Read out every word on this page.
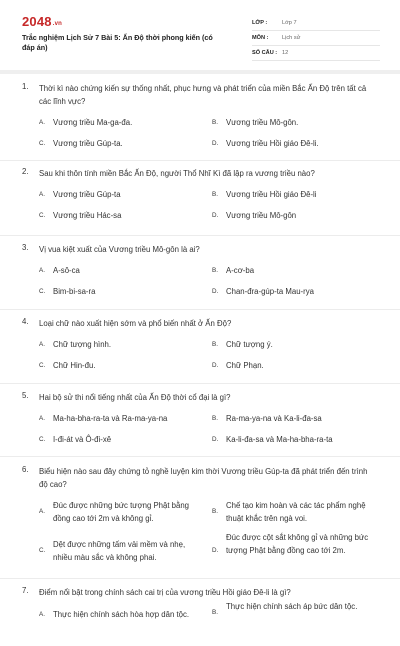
2048.vn
Trắc nghiệm Lịch Sử 7 Bài 5: Ấn Độ thời phong kiến (có đáp án)
LỚP :	Lớp 7
MÔN :	Lịch sử
SỐ CÂU : 12
1. Thời kì nào chứng kiến sự thống nhất, phục hưng và phát triển của miền Bắc Ấn Độ trên tất cả các lĩnh vực?
A. Vương triều Ma-ga-đa.	B. Vương triều Mô-gôn.
C. Vương triều Gúp-ta.	D. Vương triều Hồi giáo Đê-li.
2. Sau khi thôn tính miền Bắc Ấn Độ, người Thổ Nhĩ Kì đã lập ra vương triều nào?
A. Vương triều Gúp-ta	B. Vương triều Hồi giáo Đê-li
C. Vương triều Hác-sa	D. Vương triều Mô-gôn
3. Vị vua kiệt xuất của Vương triều Mô-gôn là ai?
A. A-sô-ca	B. A-cơ-ba
C. Bim-bi-sa-ra	D. Chan-đra-gúp-ta Mau-rya
4. Loại chữ nào xuất hiện sớm và phổ biến nhất ở Ấn Độ?
A. Chữ tượng hình.	B. Chữ tượng ý.
C. Chữ Hin-đu.	D. Chữ Phạn.
5. Hai bộ sử thi nổi tiếng nhất của Ấn Độ thời cổ đại là gì?
A. Ma-ha-bha-ra-ta và Ra-ma-ya-na	B. Ra-ma-ya-na và Ka-li-đa-sa
C. I-đi-át và Ô-đi-xê	D. Ka-li-đa-sa và Ma-ha-bha-ra-ta
6. Biểu hiện nào sau đây chứng tỏ nghề luyện kim thời Vương triều Gúp-ta đã phát triển đến trình độ cao?
A.
Đúc được những bức tượng Phật bằng đồng cao tới 2m và không gỉ.
B.
Chế tạo kim hoàn và các tác phẩm nghệ thuật khắc trên ngà voi.
C.
Dệt được những tấm vải mềm và nhẹ, nhiều màu sắc và không phai.
D.
Đúc được cột sắt không gỉ và những bức tượng Phật bằng đồng cao tới 2m.
7. Điểm nổi bật trong chính sách cai trị của vương triều Hồi giáo Đê-li là gì?
A. Thực hiện chính sách hòa hợp dân tộc.	B.
Thực hiện chính sách áp bức dân tộc.
